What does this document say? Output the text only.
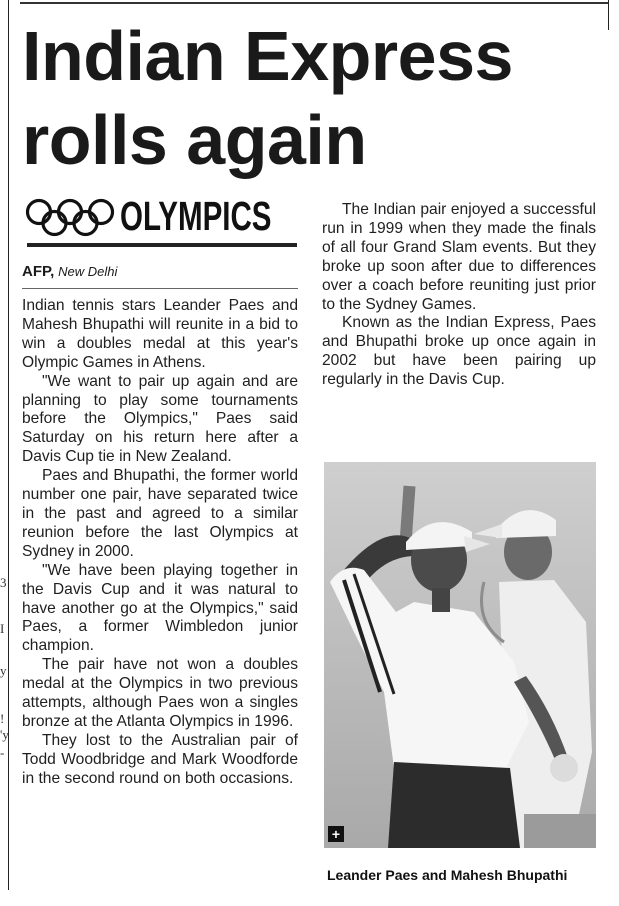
3
I
y
!
'y
-
Indian Express
rolls again
OLYMPICS
AFP, New Delhi

Indian tennis stars Leander Paes and Mahesh Bhupathi will reunite in a bid to win a doubles medal at this year's Olympic Games in Athens.

"We want to pair up again and are planning to play some tournaments before the Olympics," Paes said Saturday on his return here after a Davis Cup tie in New Zealand.

Paes and Bhupathi, the former world number one pair, have separated twice in the past and agreed to a similar reunion before the last Olympics at Sydney in 2000.

"We have been playing together in the Davis Cup and it was natural to have another go at the Olympics," said Paes, a former Wimbledon junior champion.

The pair have not won a doubles medal at the Olympics in two previous attempts, although Paes won a singles bronze at the Atlanta Olympics in 1996.

They lost to the Australian pair of Todd Woodbridge and Mark Woodforde in the second round on both occasions.

The Indian pair enjoyed a successful run in 1999 when they made the finals of all four Grand Slam events. But they broke up soon after due to differences over a coach before reuniting just prior to the Sydney Games.

Known as the Indian Express, Paes and Bhupathi broke up once again in 2002 but have been pairing up regularly in the Davis Cup.

+
Leander Paes and Mahesh Bhupathi
